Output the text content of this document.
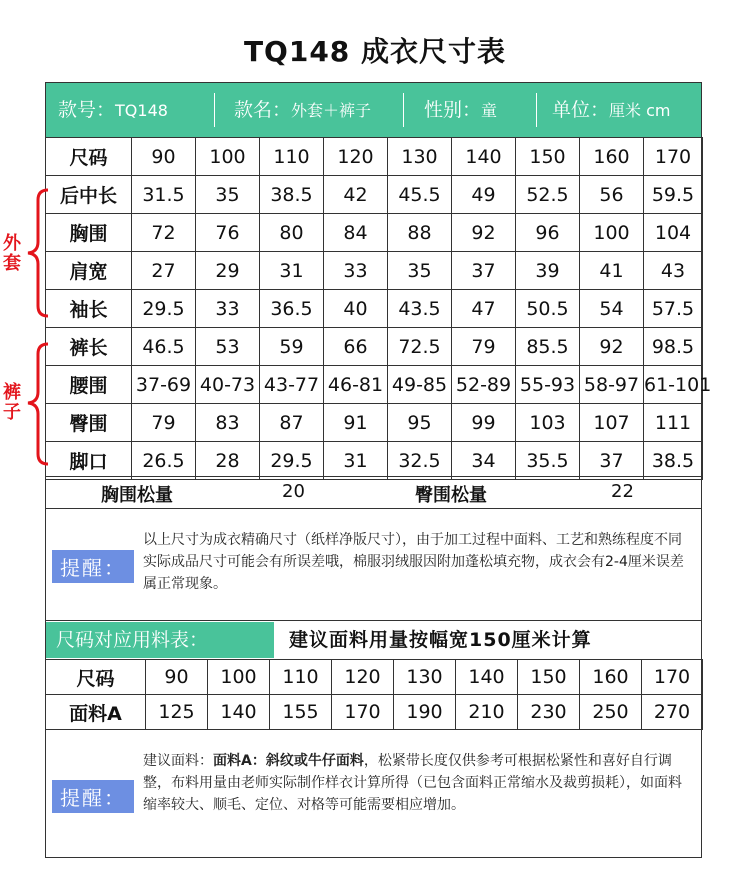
TQ148 成衣尺寸表
款号：TQ148	款名：外套＋裤子	性别：童	单位：厘米 cm
尺码	90	100	110	120	130	140	150	160	170
后中长	31.5	35	38.5	42	45.5	49	52.5	56	59.5
胸围	72	76	80	84	88	92	96	100	104
肩宽	27	29	31	33	35	37	39	41	43
袖长	29.5	33	36.5	40	43.5	47	50.5	54	57.5
裤长	46.5	53	59	66	72.5	79	85.5	92	98.5
腰围	37-69	40-73	43-77	46-81	49-85	52-89	55-93	58-97	61-101
臀围	79	83	87	91	95	99	103	107	111
脚口	26.5	28	29.5	31	32.5	34	35.5	37	38.5
胸围松量	20	臀围松量	22
提醒：
以上尺寸为成衣精确尺寸（纸样净版尺寸），由于加工过程中面料、工艺和熟练程度不同实际成品尺寸可能会有所误差哦，棉服羽绒服因附加蓬松填充物，成衣会有2-4厘米误差属正常现象。
尺码对应用料表：	建议面料用量按幅宽150厘米计算
尺码	90	100	110	120	130	140	150	160	170
面料A	125	140	155	170	190	210	230	250	270
提醒：
建议面料：面料A：斜纹或牛仔面料，松紧带长度仅供参考可根据松紧性和喜好自行调整，布料用量由老师实际制作样衣计算所得（已包含面料正常缩水及裁剪损耗），如面料缩率较大、顺毛、定位、对格等可能需要相应增加。
外套
裤子
